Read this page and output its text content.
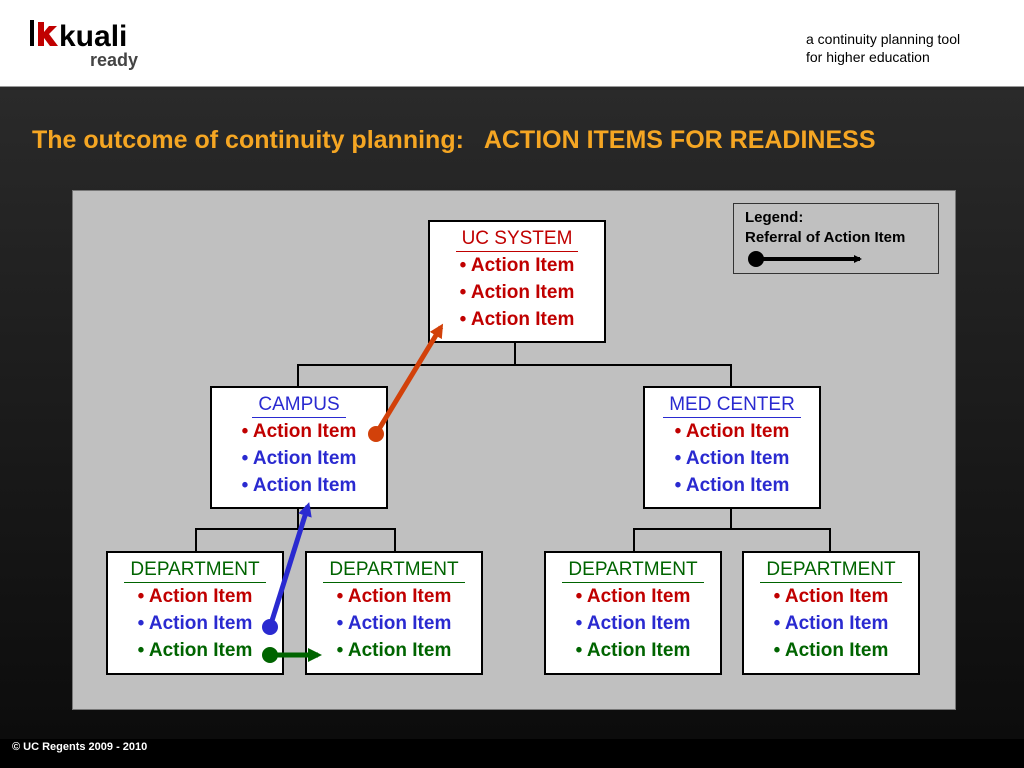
kuali
ready
a continuity planning tool
for higher education
The outcome of continuity planning:   ACTION ITEMS FOR READINESS
UC SYSTEM
• Action Item
• Action Item
• Action Item
CAMPUS
• Action Item
• Action Item
• Action Item
MED CENTER
• Action Item
• Action Item
• Action Item
DEPARTMENT
• Action Item
• Action Item
• Action Item
DEPARTMENT
• Action Item
• Action Item
• Action Item
DEPARTMENT
• Action Item
• Action Item
• Action Item
DEPARTMENT
• Action Item
• Action Item
• Action Item
Legend:
Referral of Action Item
© UC Regents 2009 - 2010
